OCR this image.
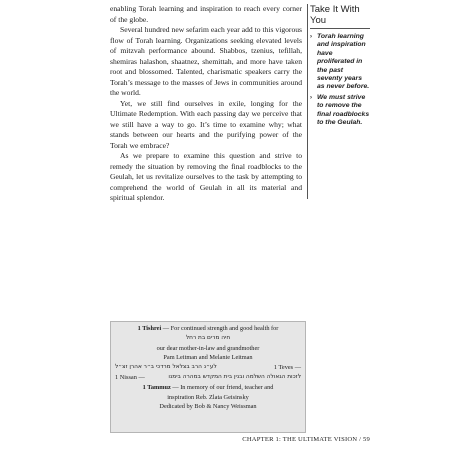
enabling Torah learning and inspiration to reach every corner of the globe.

Several hundred new sefarim each year add to this vigorous flow of Torah learning. Organizations seeking elevated levels of mitzvah performance abound. Shabbos, tzenius, tefillah, shemiras halashon, shaatnez, shemittah, and more have taken root and blossomed. Talented, charismatic speakers carry the Torah’s message to the masses of Jews in communities around the world.

Yet, we still find ourselves in exile, longing for the Ultimate Redemption. With each passing day we perceive that we still have a way to go. It’s time to examine why; what stands between our hearts and the purifying power of the Torah we embrace?

As we prepare to examine this question and strive to remedy the situation by removing the final roadblocks to the Geulah, let us revitalize ourselves to the task by attempting to comprehend the world of Geulah in all its material and spiritual splendor.

Take It With You
› Torah learning and inspiration have proliferated in the past seventy years as never before.
› We must strive to remove the final roadblocks to the Geulah.
1 Tishrei — For continued strength and good health for
חיה מרים בת רחל
our dear mother-in-law and grandmother
Pam Leitman and Melanie Leitman
לע״נ הרב בצלאל מרדכי ב״ר אהרן זצ״ל	1 Teves —
1 Nissan —	לזכות הגאולה השלמה ובנין בית המקדש במהרה בימנו
1 Tammuz — In memory of our friend, teacher and
inspiration Reb. Zlata Geisinsky
Dedicated by Bob & Nancy Weissman
CHAPTER 1: THE ULTIMATE VISION / 59
